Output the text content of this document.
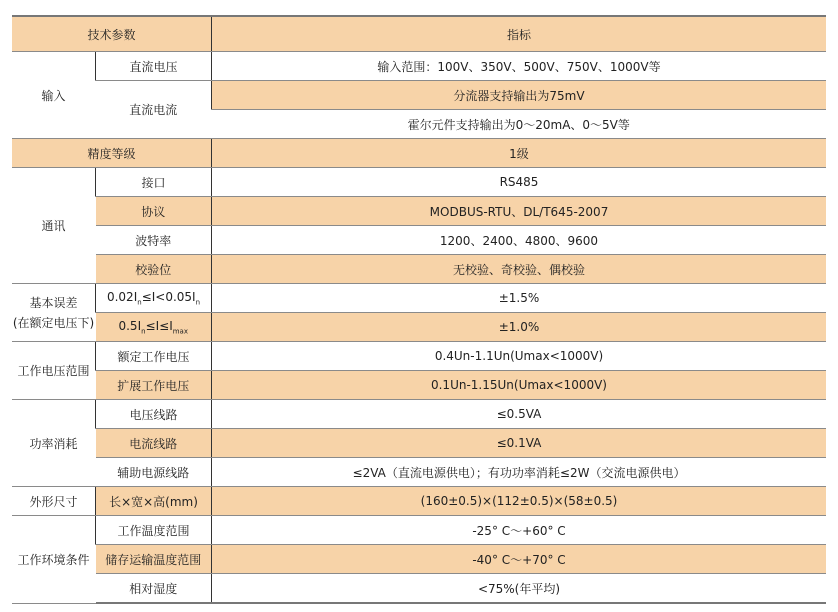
技术参数		指标
输入	直流电压	输入范围：100V、350V、500V、750V、1000V等
	直流电流	分流器支持输出为75mV
		霍尔元件支持输出为0～20mA、0～5V等
精度等级		1级
通讯	接口	RS485
	协议	MODBUS-RTU、DL/T645-2007
	波特率	1200、2400、4800、9600
	校验位	无校验、奇校验、偶校验

基本误差
(在额定电压下)	$0.02I_n\le I<0.05I_n$	±1.5%
	$0.5I_n\le I\le I_{max}$	±1.0%
工作电压范围	额定工作电压	0.4Un-1.1Un(Umax<1000V)
	扩展工作电压	0.1Un-1.15Un(Umax<1000V)
功率消耗	电压线路	≤0.5VA
	电流线路	≤0.1VA
	辅助电源线路	≤2VA（直流电源供电）；有功功率消耗≤2W（交流电源供电）
外形尺寸	长×宽×高(mm)	(160±0.5)×(112±0.5)×(58±0.5)
工作环境条件	工作温度范围	-25° C～+60° C
	储存运输温度范围	-40° C～+70° C
	相对湿度	<75%(年平均)
